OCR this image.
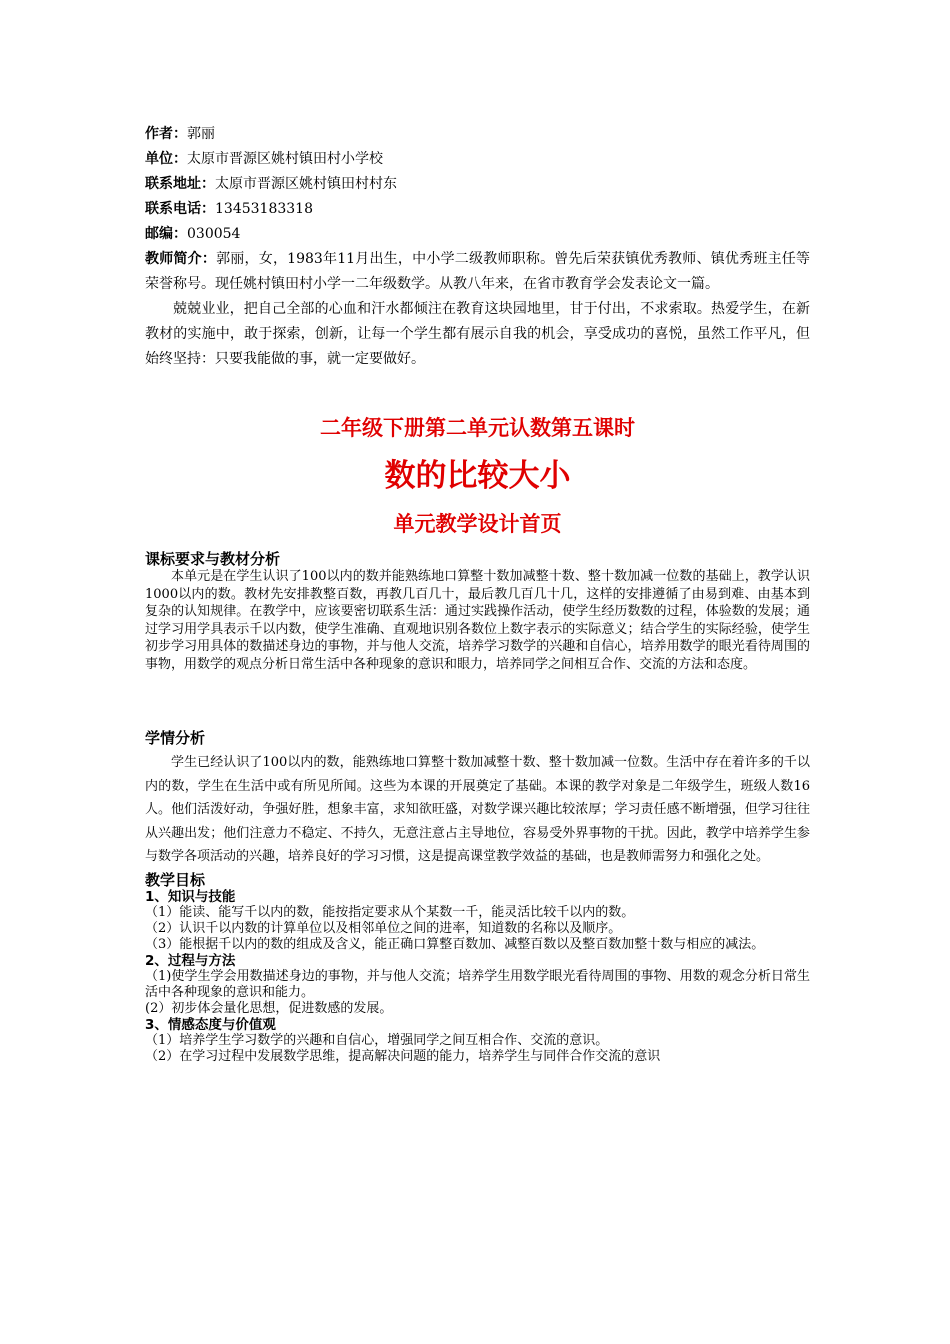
作者：郭丽
单位：太原市晋源区姚村镇田村小学校
联系地址：太原市晋源区姚村镇田村村东
联系电话：13453183318
邮编：030054
教师简介：郭丽，女，1983年11月出生，中小学二级教师职称。曾先后荣获镇优秀教师、镇优秀班主任等荣誉称号。现任姚村镇田村小学一二年级数学。从教八年来，在省市教育学会发表论文一篇。
兢兢业业，把自己全部的心血和汗水都倾注在教育这块园地里，甘于付出，不求索取。热爱学生，在新教材的实施中，敢于探索，创新，让每一个学生都有展示自我的机会，享受成功的喜悦，虽然工作平凡，但始终坚持：只要我能做的事，就一定要做好。
二年级下册第二单元认数第五课时
数的比较大小
单元教学设计首页
课标要求与教材分析
本单元是在学生认识了100以内的数并能熟练地口算整十数加减整十数、整十数加减一位数的基础上，教学认识1000以内的数。教材先安排教整百数，再教几百几十，最后教几百几十几，这样的安排遵循了由易到难、由基本到复杂的认知规律。在教学中，应该要密切联系生活：通过实践操作活动，使学生经历数数的过程，体验数的发展；通过学习用学具表示千以内数，使学生准确、直观地识别各数位上数字表示的实际意义；结合学生的实际经验，使学生初步学习用具体的数描述身边的事物，并与他人交流，培养学习数学的兴趣和自信心，培养用数学的眼光看待周围的事物，用数学的观点分析日常生活中各种现象的意识和眼力，培养同学之间相互合作、交流的方法和态度。
学情分析
学生已经认识了100以内的数，能熟练地口算整十数加减整十数、整十数加减一位数。生活中存在着许多的千以内的数，学生在生活中或有所见所闻。这些为本课的开展奠定了基础。本课的教学对象是二年级学生，班级人数16人。他们活泼好动，争强好胜，想象丰富，求知欲旺盛，对数学课兴趣比较浓厚；学习责任感不断增强，但学习往往从兴趣出发；他们注意力不稳定、不持久，无意注意占主导地位，容易受外界事物的干扰。因此，教学中培养学生参与数学各项活动的兴趣，培养良好的学习习惯，这是提高课堂教学效益的基础，也是教师需努力和强化之处。
教学目标
1、知识与技能
（1）能读、能写千以内的数，能按指定要求从个某数一千，能灵活比较千以内的数。
（2）认识千以内数的计算单位以及相邻单位之间的进率，知道数的名称以及顺序。
（3）能根据千以内的数的组成及含义，能正确口算整百数加、减整百数以及整百数加整十数与相应的减法。
2、过程与方法
（1)使学生学会用数描述身边的事物，并与他人交流；培养学生用数学眼光看待周围的事物、用数的观念分析日常生活中各种现象的意识和能力。
(2）初步体会量化思想，促进数感的发展。
3、情感态度与价值观
（1）培养学生学习数学的兴趣和自信心，增强同学之间互相合作、交流的意识。
（2）在学习过程中发展数学思维，提高解决问题的能力，培养学生与同伴合作交流的意识
